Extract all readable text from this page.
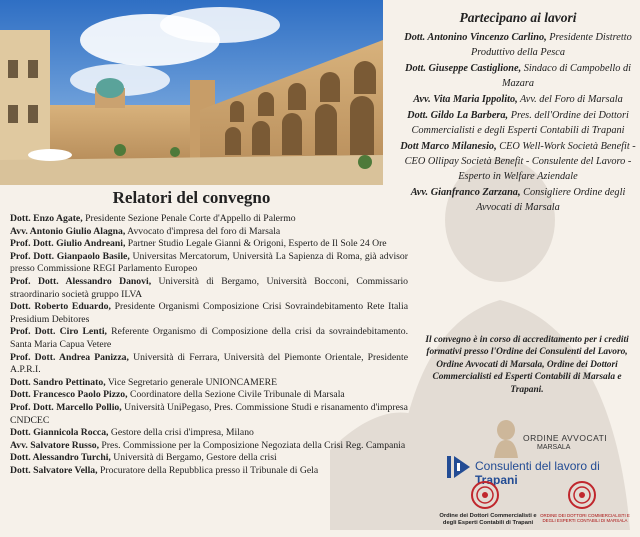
Partecipano ai lavori

Dott. Antonino Vincenzo Carlino, Presidente Distretto Produttivo della Pesca

Dott. Giuseppe Castiglione, Sindaco di Campobello di Mazara

Avv. Vita Maria Ippolito, Avv. del Foro di Marsala

Dott. Gildo La Barbera, Pres. dell'Ordine dei Dottori Commercialisti e degli Esperti Contabili di Trapani

Dott Marco Milanesio, CEO Well-Work Società Benefit - CEO Ollipay Società Benefit - Consulente del Lavoro - Esperto in Welfare Aziendale

Avv. Gianfranco Zarzana, Consigliere Ordine degli Avvocati di Marsala

Il convegno è in corso di accreditamento per i crediti formativi presso l'Ordine dei Consulenti del Lavoro, Ordine Avvocati di Marsala, Ordine dei Dottori Commercialisti ed Esperti Contabili di Marsala e Trapani.
Relatori del convegno

Dott. Enzo Agate, Presidente Sezione Penale Corte d'Appello di Palermo

Avv. Antonio Giulio Alagna, Avvocato d'impresa del foro di Marsala

Prof. Dott. Giulio Andreani, Partner Studio Legale Gianni & Origoni, Esperto de Il Sole 24 Ore

Prof. Dott. Gianpaolo Basile, Universitas Mercatorum, Università La Sapienza di Roma, già advisor presso Commissione REGI Parlamento Europeo

Prof. Dott. Alessandro Danovi, Università di Bergamo, Università Bocconi, Commissario straordinario società gruppo ILVA

Dott. Roberto Eduardo, Presidente Organismi Composizione Crisi Sovraindebitamento Rete Italia Presidium Debitores

Prof. Dott. Ciro Lenti, Referente Organismo di Composizione della crisi da sovraindebitamento. Santa Maria Capua Vetere

Prof. Dott. Andrea Panizza, Università di Ferrara, Università del Piemonte Orientale, Presidente A.P.R.I.

Dott. Sandro Pettinato, Vice Segretario generale UNIONCAMERE

Dott. Francesco Paolo Pizzo, Coordinatore della Sezione Civile Tribunale di Marsala

Prof. Dott. Marcello Pollio, Università UniPegaso, Pres. Commissione Studi e risanamento d'impresa CNDCEC

Dott. Giannicola Rocca, Gestore della crisi d'impresa, Milano

Avv. Salvatore Russo, Pres. Commissione per la Composizione Negoziata della Crisi Reg. Campania

Dott. Alessandro Turchi, Università di Bergamo, Gestore della crisi

Dott. Salvatore Vella, Procuratore della Repubblica presso il Tribunale di Gela

ORDINE AVVOCATI
MARSALA
Consulenti del lavoro di Trapani
Ordine dei Dottori Commercialisti e degli Esperti Contabili di Trapani
ORDINE DEI DOTTORI COMMERCIALISTI E DEGLI ESPERTI CONTABILI DI MARSALA
